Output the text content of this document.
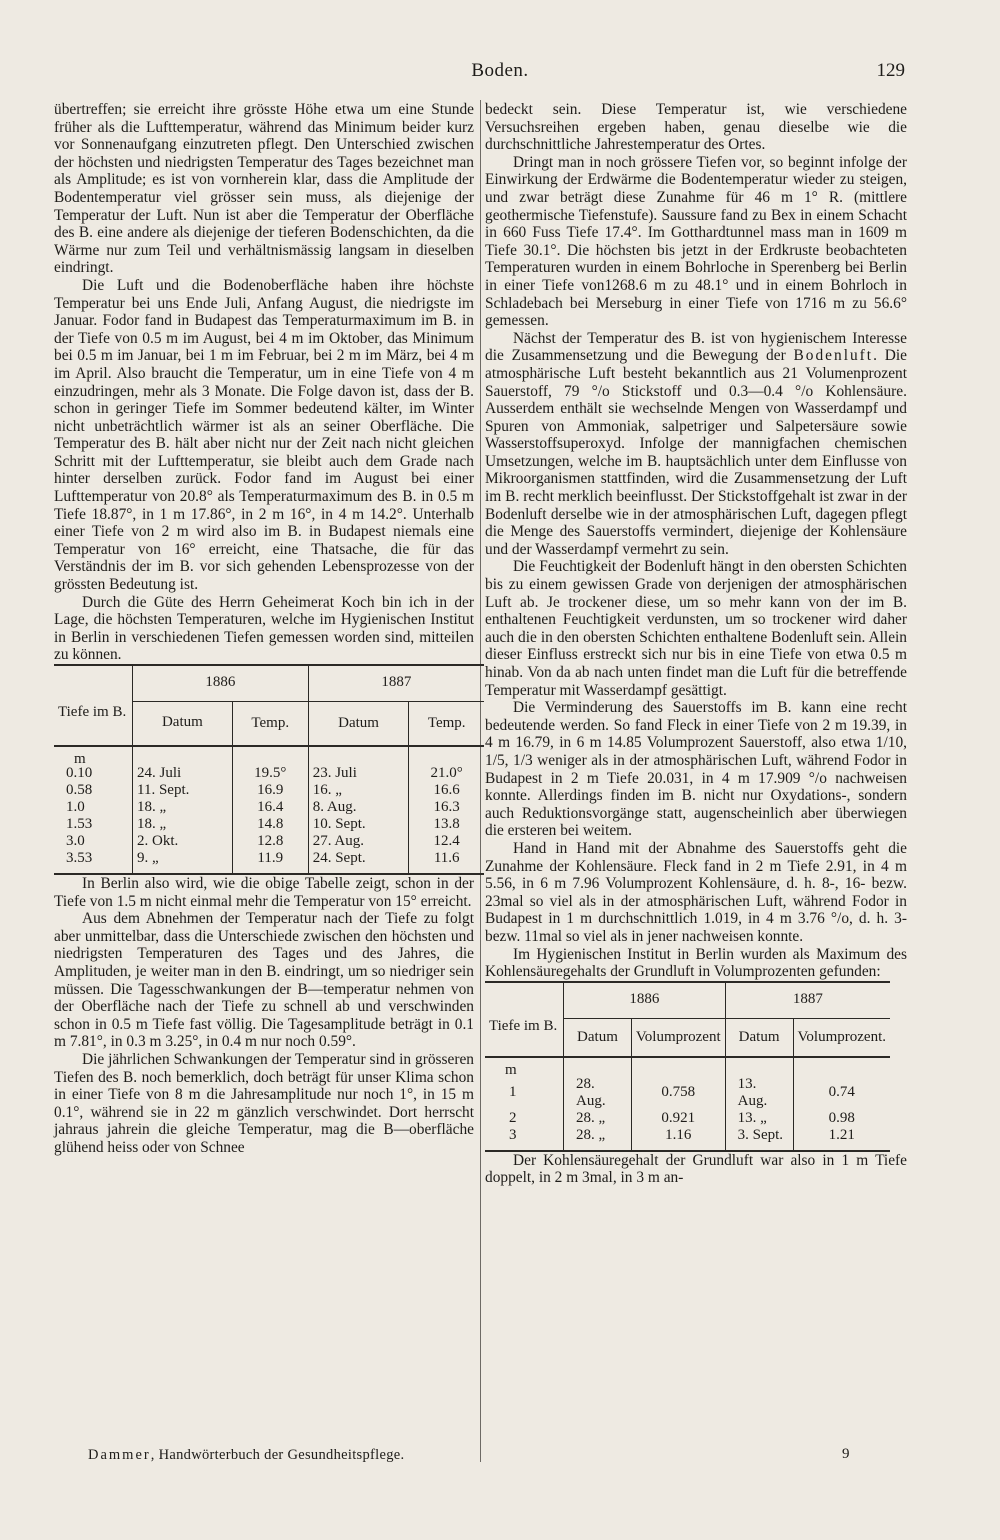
Boden.	129

übertreffen; sie erreicht ihre grösste Höhe etwa um eine Stunde früher als die Lufttemperatur, während das Minimum beider kurz vor Sonnenaufgang einzutreten pflegt. Den Unterschied zwischen der höchsten und niedrigsten Temperatur des Tages bezeichnet man als Amplitude; es ist von vornherein klar, dass die Amplitude der Bodentemperatur viel grösser sein muss, als diejenige der Temperatur der Luft. Nun ist aber die Temperatur der Oberfläche des B. eine andere als diejenige der tieferen Bodenschichten, da die Wärme nur zum Teil und verhältnismässig langsam in dieselben eindringt.

Die Luft und die Bodenoberfläche haben ihre höchste Temperatur bei uns Ende Juli, Anfang August, die niedrigste im Januar. Fodor fand in Budapest das Temperaturmaximum im B. in der Tiefe von 0.5 m im August, bei 4 m im Oktober, das Minimum bei 0.5 m im Januar, bei 1 m im Februar, bei 2 m im März, bei 4 m im April. Also braucht die Temperatur, um in eine Tiefe von 4 m einzudringen, mehr als 3 Monate. Die Folge davon ist, dass der B. schon in geringer Tiefe im Sommer bedeutend kälter, im Winter nicht unbeträchtlich wärmer ist als an seiner Oberfläche. Die Temperatur des B. hält aber nicht nur der Zeit nach nicht gleichen Schritt mit der Lufttemperatur, sie bleibt auch dem Grade nach hinter derselben zurück. Fodor fand im August bei einer Lufttemperatur von 20.8° als Temperaturmaximum des B. in 0.5 m Tiefe 18.87°, in 1 m 17.86°, in 2 m 16°, in 4 m 14.2°. Unterhalb einer Tiefe von 2 m wird also im B. in Budapest niemals eine Temperatur von 16° erreicht, eine Thatsache, die für das Verständnis der im B. vor sich gehenden Lebensprozesse von der grössten Bedeutung ist.

Durch die Güte des Herrn Geheimerat Koch bin ich in der Lage, die höchsten Temperaturen, welche im Hygienischen Institut in Berlin in verschiedenen Tiefen gemessen worden sind, mitteilen zu können.

Tiefe im B.	1886		1887	
	Datum	Temp.	Datum	Temp.
m				
0.10	24. Juli	19.5°	23. Juli	21.0°
0.58	11. Sept.	16.9	16. „	16.6
1.0	18. „	16.4	8. Aug.	16.3
1.53	18. „	14.8	10. Sept.	13.8
3.0	2. Okt.	12.8	27. Aug.	12.4
3.53	9. „	11.9	24. Sept.	11.6

In Berlin also wird, wie die obige Tabelle zeigt, schon in der Tiefe von 1.5 m nicht einmal mehr die Temperatur von 15° erreicht.

Aus dem Abnehmen der Temperatur nach der Tiefe zu folgt aber unmittelbar, dass die Unterschiede zwischen den höchsten und niedrigsten Temperaturen des Tages und des Jahres, die Amplituden, je weiter man in den B. eindringt, um so niedriger sein müssen. Die Tagesschwankungen der B—temperatur nehmen von der Oberfläche nach der Tiefe zu schnell ab und verschwinden schon in 0.5 m Tiefe fast völlig. Die Tagesamplitude beträgt in 0.1 m 7.81°, in 0.3 m 3.25°, in 0.4 m nur noch 0.59°.

Die jährlichen Schwankungen der Temperatur sind in grösseren Tiefen des B. noch bemerklich, doch beträgt für unser Klima schon in einer Tiefe von 8 m die Jahresamplitude nur noch 1°, in 15 m 0.1°, während sie in 22 m gänzlich verschwindet. Dort herrscht jahraus jahrein die gleiche Temperatur, mag die B—oberfläche glühend heiss oder von Schnee

bedeckt sein. Diese Temperatur ist, wie verschiedene Versuchsreihen ergeben haben, genau dieselbe wie die durchschnittliche Jahrestemperatur des Ortes.

Dringt man in noch grössere Tiefen vor, so beginnt infolge der Einwirkung der Erdwärme die Bodentemperatur wieder zu steigen, und zwar beträgt diese Zunahme für 46 m 1° R. (mittlere geothermische Tiefenstufe). Saussure fand zu Bex in einem Schacht in 660 Fuss Tiefe 17.4°. Im Gotthardtunnel mass man in 1609 m Tiefe 30.1°. Die höchsten bis jetzt in der Erdkruste beobachteten Temperaturen wurden in einem Bohrloche in Sperenberg bei Berlin in einer Tiefe von1268.6 m zu 48.1° und in einem Bohrloch in Schladebach bei Merseburg in einer Tiefe von 1716 m zu 56.6° gemessen.

Nächst der Temperatur des B. ist von hygienischem Interesse die Zusammensetzung und die Bewegung der Bodenluft. Die atmosphärische Luft besteht bekanntlich aus 21 Volumenprozent Sauerstoff, 79 °/o Stickstoff und 0.3—0.4 °/o Kohlensäure. Ausserdem enthält sie wechselnde Mengen von Wasserdampf und Spuren von Ammoniak, salpetriger und Salpetersäure sowie Wasserstoffsuperoxyd. Infolge der mannigfachen chemischen Umsetzungen, welche im B. hauptsächlich unter dem Einflusse von Mikroorganismen stattfinden, wird die Zusammensetzung der Luft im B. recht merklich beeinflusst. Der Stickstoffgehalt ist zwar in der Bodenluft derselbe wie in der atmosphärischen Luft, dagegen pflegt die Menge des Sauerstoffs vermindert, diejenige der Kohlensäure und der Wasserdampf vermehrt zu sein.

Die Feuchtigkeit der Bodenluft hängt in den obersten Schichten bis zu einem gewissen Grade von derjenigen der atmosphärischen Luft ab. Je trockener diese, um so mehr kann von der im B. enthaltenen Feuchtigkeit verdunsten, um so trockener wird daher auch die in den obersten Schichten enthaltene Bodenluft sein. Allein dieser Einfluss erstreckt sich nur bis in eine Tiefe von etwa 0.5 m hinab. Von da ab nach unten findet man die Luft für die betreffende Temperatur mit Wasserdampf gesättigt.

Die Verminderung des Sauerstoffs im B. kann eine recht bedeutende werden. So fand Fleck in einer Tiefe von 2 m 19.39, in 4 m 16.79, in 6 m 14.85 Volumprozent Sauerstoff, also etwa 1/10, 1/5, 1/3 weniger als in der atmosphärischen Luft, während Fodor in Budapest in 2 m Tiefe 20.031, in 4 m 17.909 °/o nachweisen konnte. Allerdings finden im B. nicht nur Oxydations-, sondern auch Reduktionsvorgänge statt, augenscheinlich aber überwiegen die ersteren bei weitem.

Hand in Hand mit der Abnahme des Sauerstoffs geht die Zunahme der Kohlensäure. Fleck fand in 2 m Tiefe 2.91, in 4 m 5.56, in 6 m 7.96 Volumprozent Kohlensäure, d. h. 8-, 16- bezw. 23mal so viel als in der atmosphärischen Luft, während Fodor in Budapest in 1 m durchschnittlich 1.019, in 4 m 3.76 °/o, d. h. 3- bezw. 11mal so viel als in jener nachweisen konnte.

Im Hygienischen Institut in Berlin wurden als Maximum des Kohlensäuregehalts der Grundluft in Volumprozenten gefunden:

Tiefe im B.	1886		1887	
	Datum	Volumprozent	Datum	Volumprozent.
m				
1	28. Aug.	0.758	13. Aug.	0.74
2	28. „	0.921	13. „	0.98
3	28. „	1.16	3. Sept.	1.21

Der Kohlensäuregehalt der Grundluft war also in 1 m Tiefe doppelt, in 2 m 3mal, in 3 m an-

Dammer, Handwörterbuch der Gesundheitspflege.	9
